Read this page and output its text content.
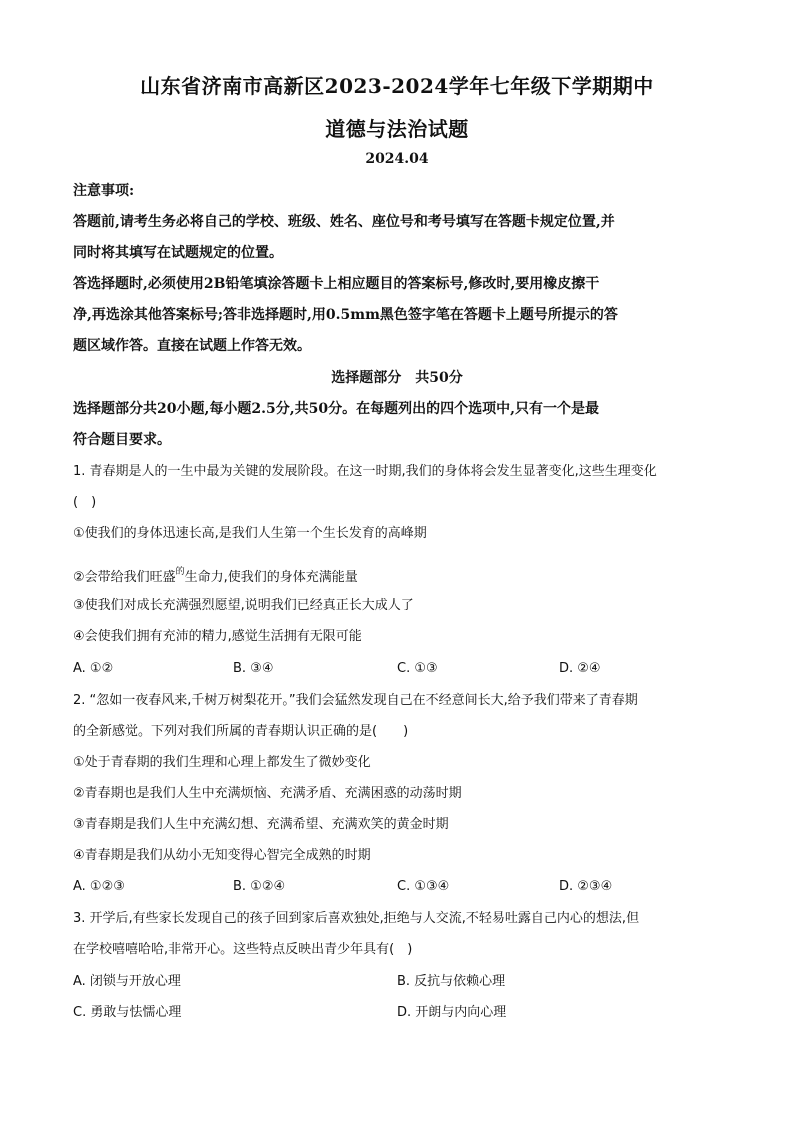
山东省济南市高新区2023-2024学年七年级下学期期中
道德与法治试题
2024.04
注意事项:
答题前,请考生务必将自己的学校、班级、姓名、座位号和考号填写在答题卡规定位置,并
同时将其填写在试题规定的位置。
答选择题时,必须使用2B铅笔填涂答题卡上相应题目的答案标号,修改时,要用橡皮擦干
净,再选涂其他答案标号;答非选择题时,用0.5mm黑色签字笔在答题卡上题号所提示的答
题区域作答。直接在试题上作答无效。
选择题部分　共50分
选择题部分共20小题,每小题2.5分,共50分。在每题列出的四个选项中,只有一个是最
符合题目要求。
1. 青春期是人的一生中最为关键的发展阶段。在这一时期,我们的身体将会发生显著变化,这些生理变化
(　)
①使我们的身体迅速长高,是我们人生第一个生长发育的高峰期
②会带给我们旺盛$^的$生命力,使我们的身体充满能量
③使我们对成长充满强烈愿望,说明我们已经真正长大成人了
④会使我们拥有充沛的精力,感觉生活拥有无限可能
A. ①②	B. ③④	C. ①③	D. ②④
2. “忽如一夜春风来,千树万树梨花开。”我们会猛然发现自己在不经意间长大,给予我们带来了青春期
的全新感觉。下列对我们所属的青春期认识正确的是(　　)
①处于青春期的我们生理和心理上都发生了微妙变化
②青春期也是我们人生中充满烦恼、充满矛盾、充满困惑的动荡时期
③青春期是我们人生中充满幻想、充满希望、充满欢笑的黄金时期
④青春期是我们从幼小无知变得心智完全成熟的时期
A. ①②③	B. ①②④	C. ①③④	D. ②③④
3. 开学后,有些家长发现自己的孩子回到家后喜欢独处,拒绝与人交流,不轻易吐露自己内心的想法,但
在学校嘻嘻哈哈,非常开心。这些特点反映出青少年具有(　)
A. 闭锁与开放心理	B. 反抗与依赖心理
C. 勇敢与怯懦心理	D. 开朗与内向心理
